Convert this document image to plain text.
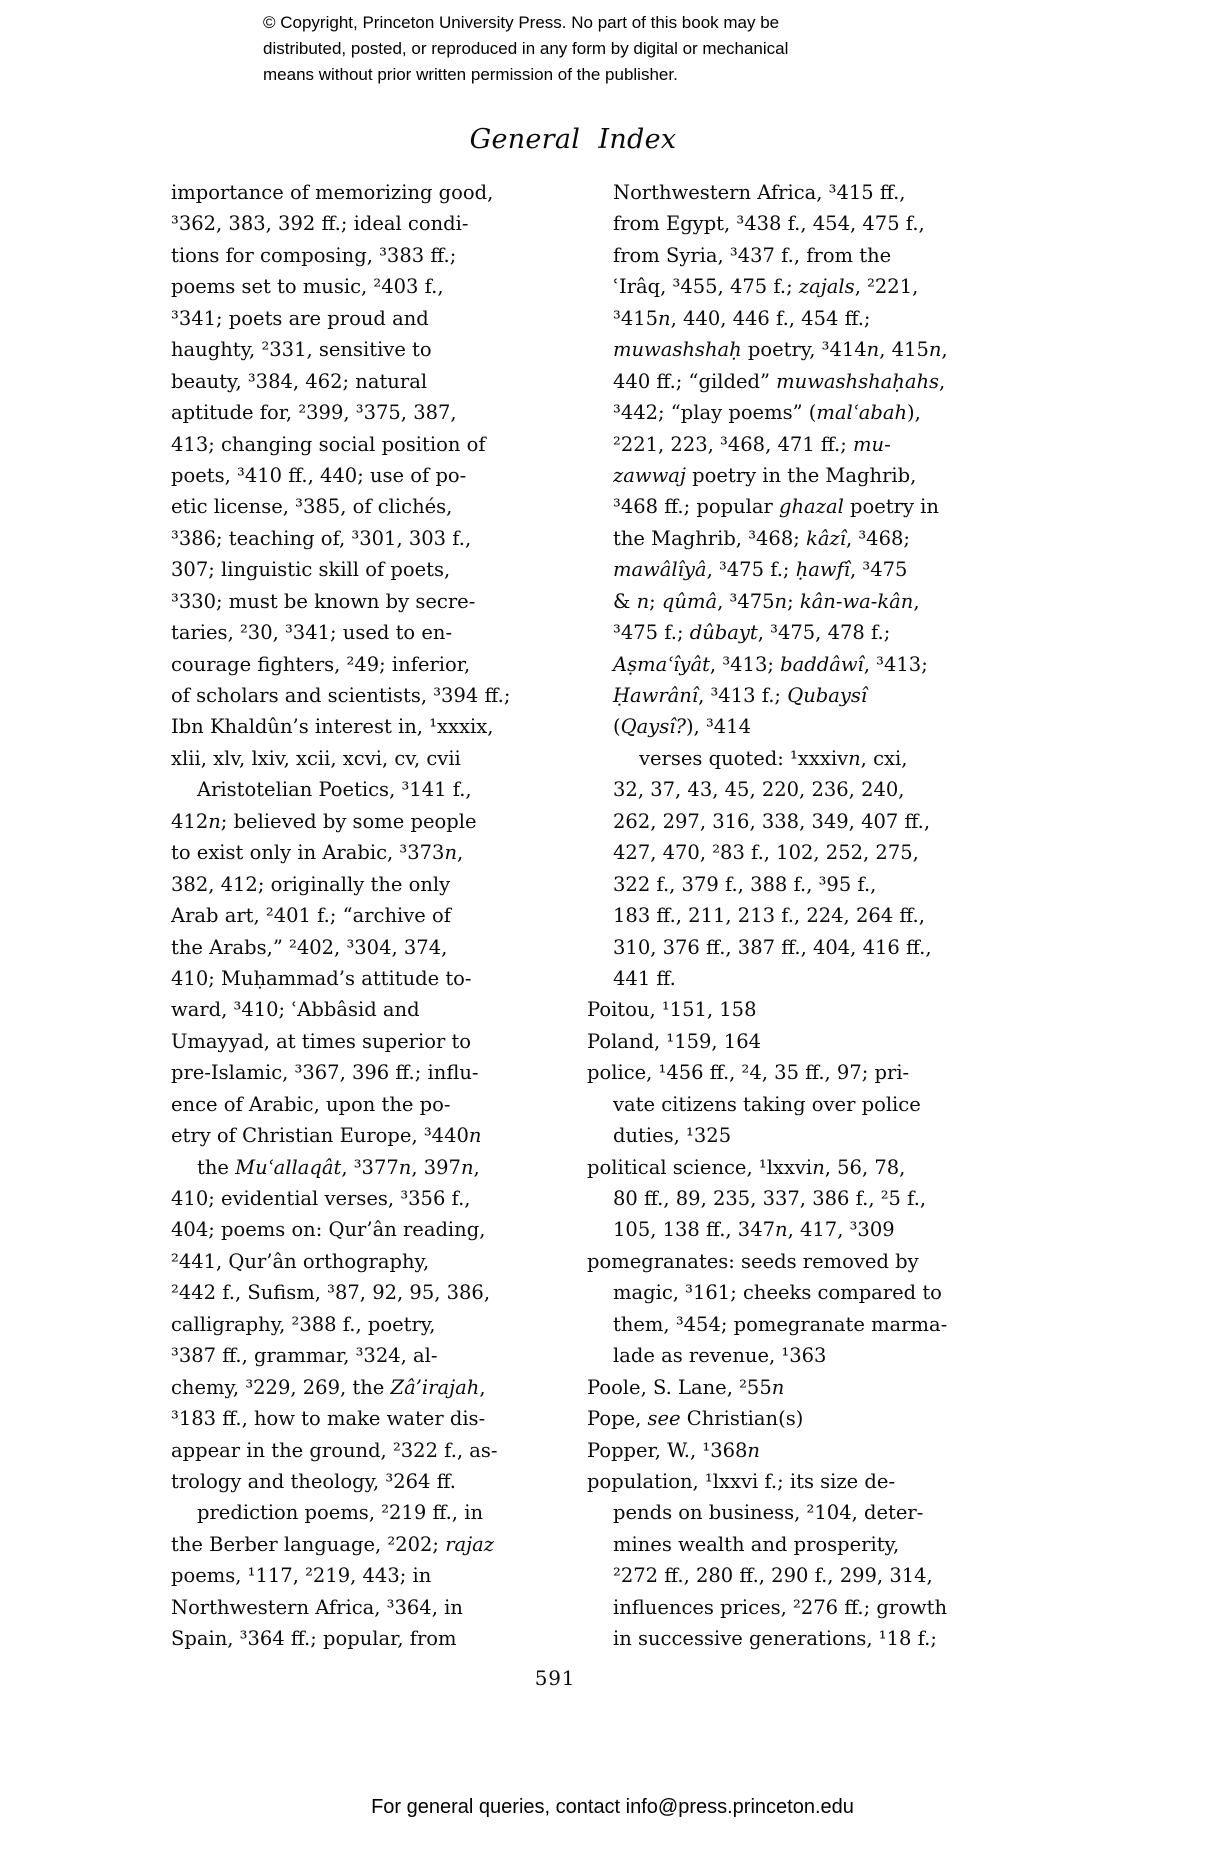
© Copyright, Princeton University Press. No part of this book may be
distributed, posted, or reproduced in any form by digital or mechanical
means without prior written permission of the publisher.
General Index
importance of memorizing good,
³362, 383, 392 ff.; ideal condi-
tions for composing, ³383 ff.;
poems set to music, ²403 f.,
³341; poets are proud and
haughty, ²331, sensitive to
beauty, ³384, 462; natural
aptitude for, ²399, ³375, 387,
413; changing social position of
poets, ³410 ff., 440; use of po-
etic license, ³385, of clichés,
³386; teaching of, ³301, 303 f.,
307; linguistic skill of poets,
³330; must be known by secre-
taries, ²30, ³341; used to en-
courage fighters, ²49; inferior,
of scholars and scientists, ³394 ff.;
Ibn Khaldûn’s interest in, ¹xxxix,
xlii, xlv, lxiv, xcii, xcvi, cv, cvii
Aristotelian Poetics, ³141 f.,
412n; believed by some people
to exist only in Arabic, ³373n,
382, 412; originally the only
Arab art, ²401 f.; “archive of
the Arabs,” ²402, ³304, 374,
410; Muḥammad’s attitude to-
ward, ³410; ʿAbbâsid and
Umayyad, at times superior to
pre-Islamic, ³367, 396 ff.; influ-
ence of Arabic, upon the po-
etry of Christian Europe, ³440n
the Muʿallaqât, ³377n, 397n,
410; evidential verses, ³356 f.,
404; poems on: Qur’ân reading,
²441, Qur’ân orthography,
²442 f., Sufism, ³87, 92, 95, 386,
calligraphy, ²388 f., poetry,
³387 ff., grammar, ³324, al-
chemy, ³229, 269, the Zâ’irajah,
³183 ff., how to make water dis-
appear in the ground, ²322 f., as-
trology and theology, ³264 ff.
prediction poems, ²219 ff., in
the Berber language, ²202; rajaz
poems, ¹117, ²219, 443; in
Northwestern Africa, ³364, in
Spain, ³364 ff.; popular, from
Northwestern Africa, ³415 ff.,
from Egypt, ³438 f., 454, 475 f.,
from Syria, ³437 f., from the
ʿIrâq, ³455, 475 f.; zajals, ²221,
³415n, 440, 446 f., 454 ff.;
muwashshaḥ poetry, ³414n, 415n,
440 ff.; “gilded” muwashshaḥahs,
³442; “play poems” (malʿabah),
²221, 223, ³468, 471 ff.; mu-
zawwaj poetry in the Maghrib,
³468 ff.; popular ghazal poetry in
the Maghrib, ³468; kâzî, ³468;
mawâlîyâ, ³475 f.; ḥawfî, ³475
& n; qûmâ, ³475n; kân-wa-kân,
³475 f.; dûbayt, ³475, 478 f.;
Aṣmaʿîyât, ³413; baddâwî, ³413;
Ḥawrânî, ³413 f.; Qubaysî
(Qaysî?), ³414
verses quoted: ¹xxxivn, cxi,
32, 37, 43, 45, 220, 236, 240,
262, 297, 316, 338, 349, 407 ff.,
427, 470, ²83 f., 102, 252, 275,
322 f., 379 f., 388 f., ³95 f.,
183 ff., 211, 213 f., 224, 264 ff.,
310, 376 ff., 387 ff., 404, 416 ff.,
441 ff.
Poitou, ¹151, 158
Poland, ¹159, 164
police, ¹456 ff., ²4, 35 ff., 97; pri-
vate citizens taking over police
duties, ¹325
political science, ¹lxxvin, 56, 78,
80 ff., 89, 235, 337, 386 f., ²5 f.,
105, 138 ff., 347n, 417, ³309
pomegranates: seeds removed by
magic, ³161; cheeks compared to
them, ³454; pomegranate marma-
lade as revenue, ¹363
Poole, S. Lane, ²55n
Pope, see Christian(s)
Popper, W., ¹368n
population, ¹lxxvi f.; its size de-
pends on business, ²104, deter-
mines wealth and prosperity,
²272 ff., 280 ff., 290 f., 299, 314,
influences prices, ²276 ff.; growth
in successive generations, ¹18 f.;
591
For general queries, contact info@press.princeton.edu
